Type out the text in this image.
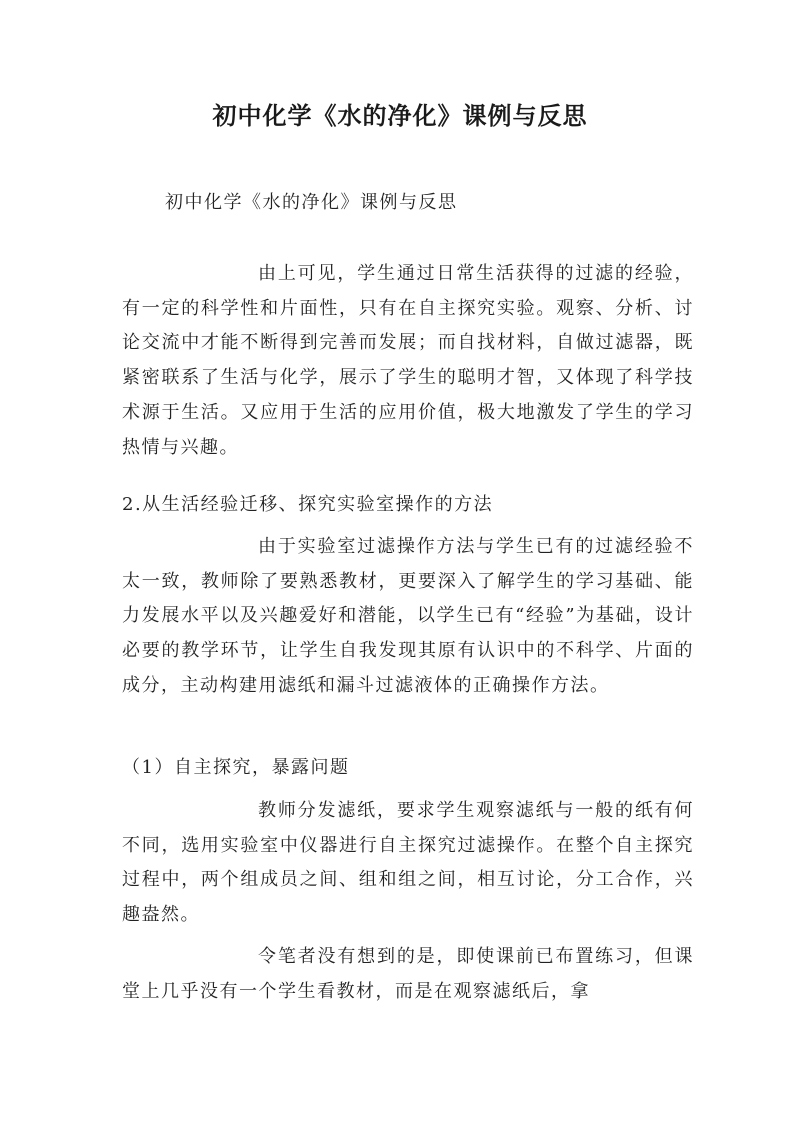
初中化学《水的净化》课例与反思

初中化学《水的净化》课例与反思

由上可见，学生通过日常生活获得的过滤的经验，有一定的科学性和片面性，只有在自主探究实验。观察、分析、讨论交流中才能不断得到完善而发展；而自找材料，自做过滤器，既紧密联系了生活与化学，展示了学生的聪明才智，又体现了科学技术源于生活。又应用于生活的应用价值，极大地激发了学生的学习热情与兴趣。

2.从生活经验迁移、探究实验室操作的方法

由于实验室过滤操作方法与学生已有的过滤经验不太一致，教师除了要熟悉教材，更要深入了解学生的学习基础、能力发展水平以及兴趣爱好和潜能，以学生已有“经验”为基础，设计必要的教学环节，让学生自我发现其原有认识中的不科学、片面的成分，主动构建用滤纸和漏斗过滤液体的正确操作方法。

（1）自主探究，暴露问题

教师分发滤纸，要求学生观察滤纸与一般的纸有何不同，选用实验室中仪器进行自主探究过滤操作。在整个自主探究过程中，两个组成员之间、组和组之间，相互讨论，分工合作，兴趣盎然。

令笔者没有想到的是，即使课前已布置练习，但课堂上几乎没有一个学生看教材，而是在观察滤纸后，拿
